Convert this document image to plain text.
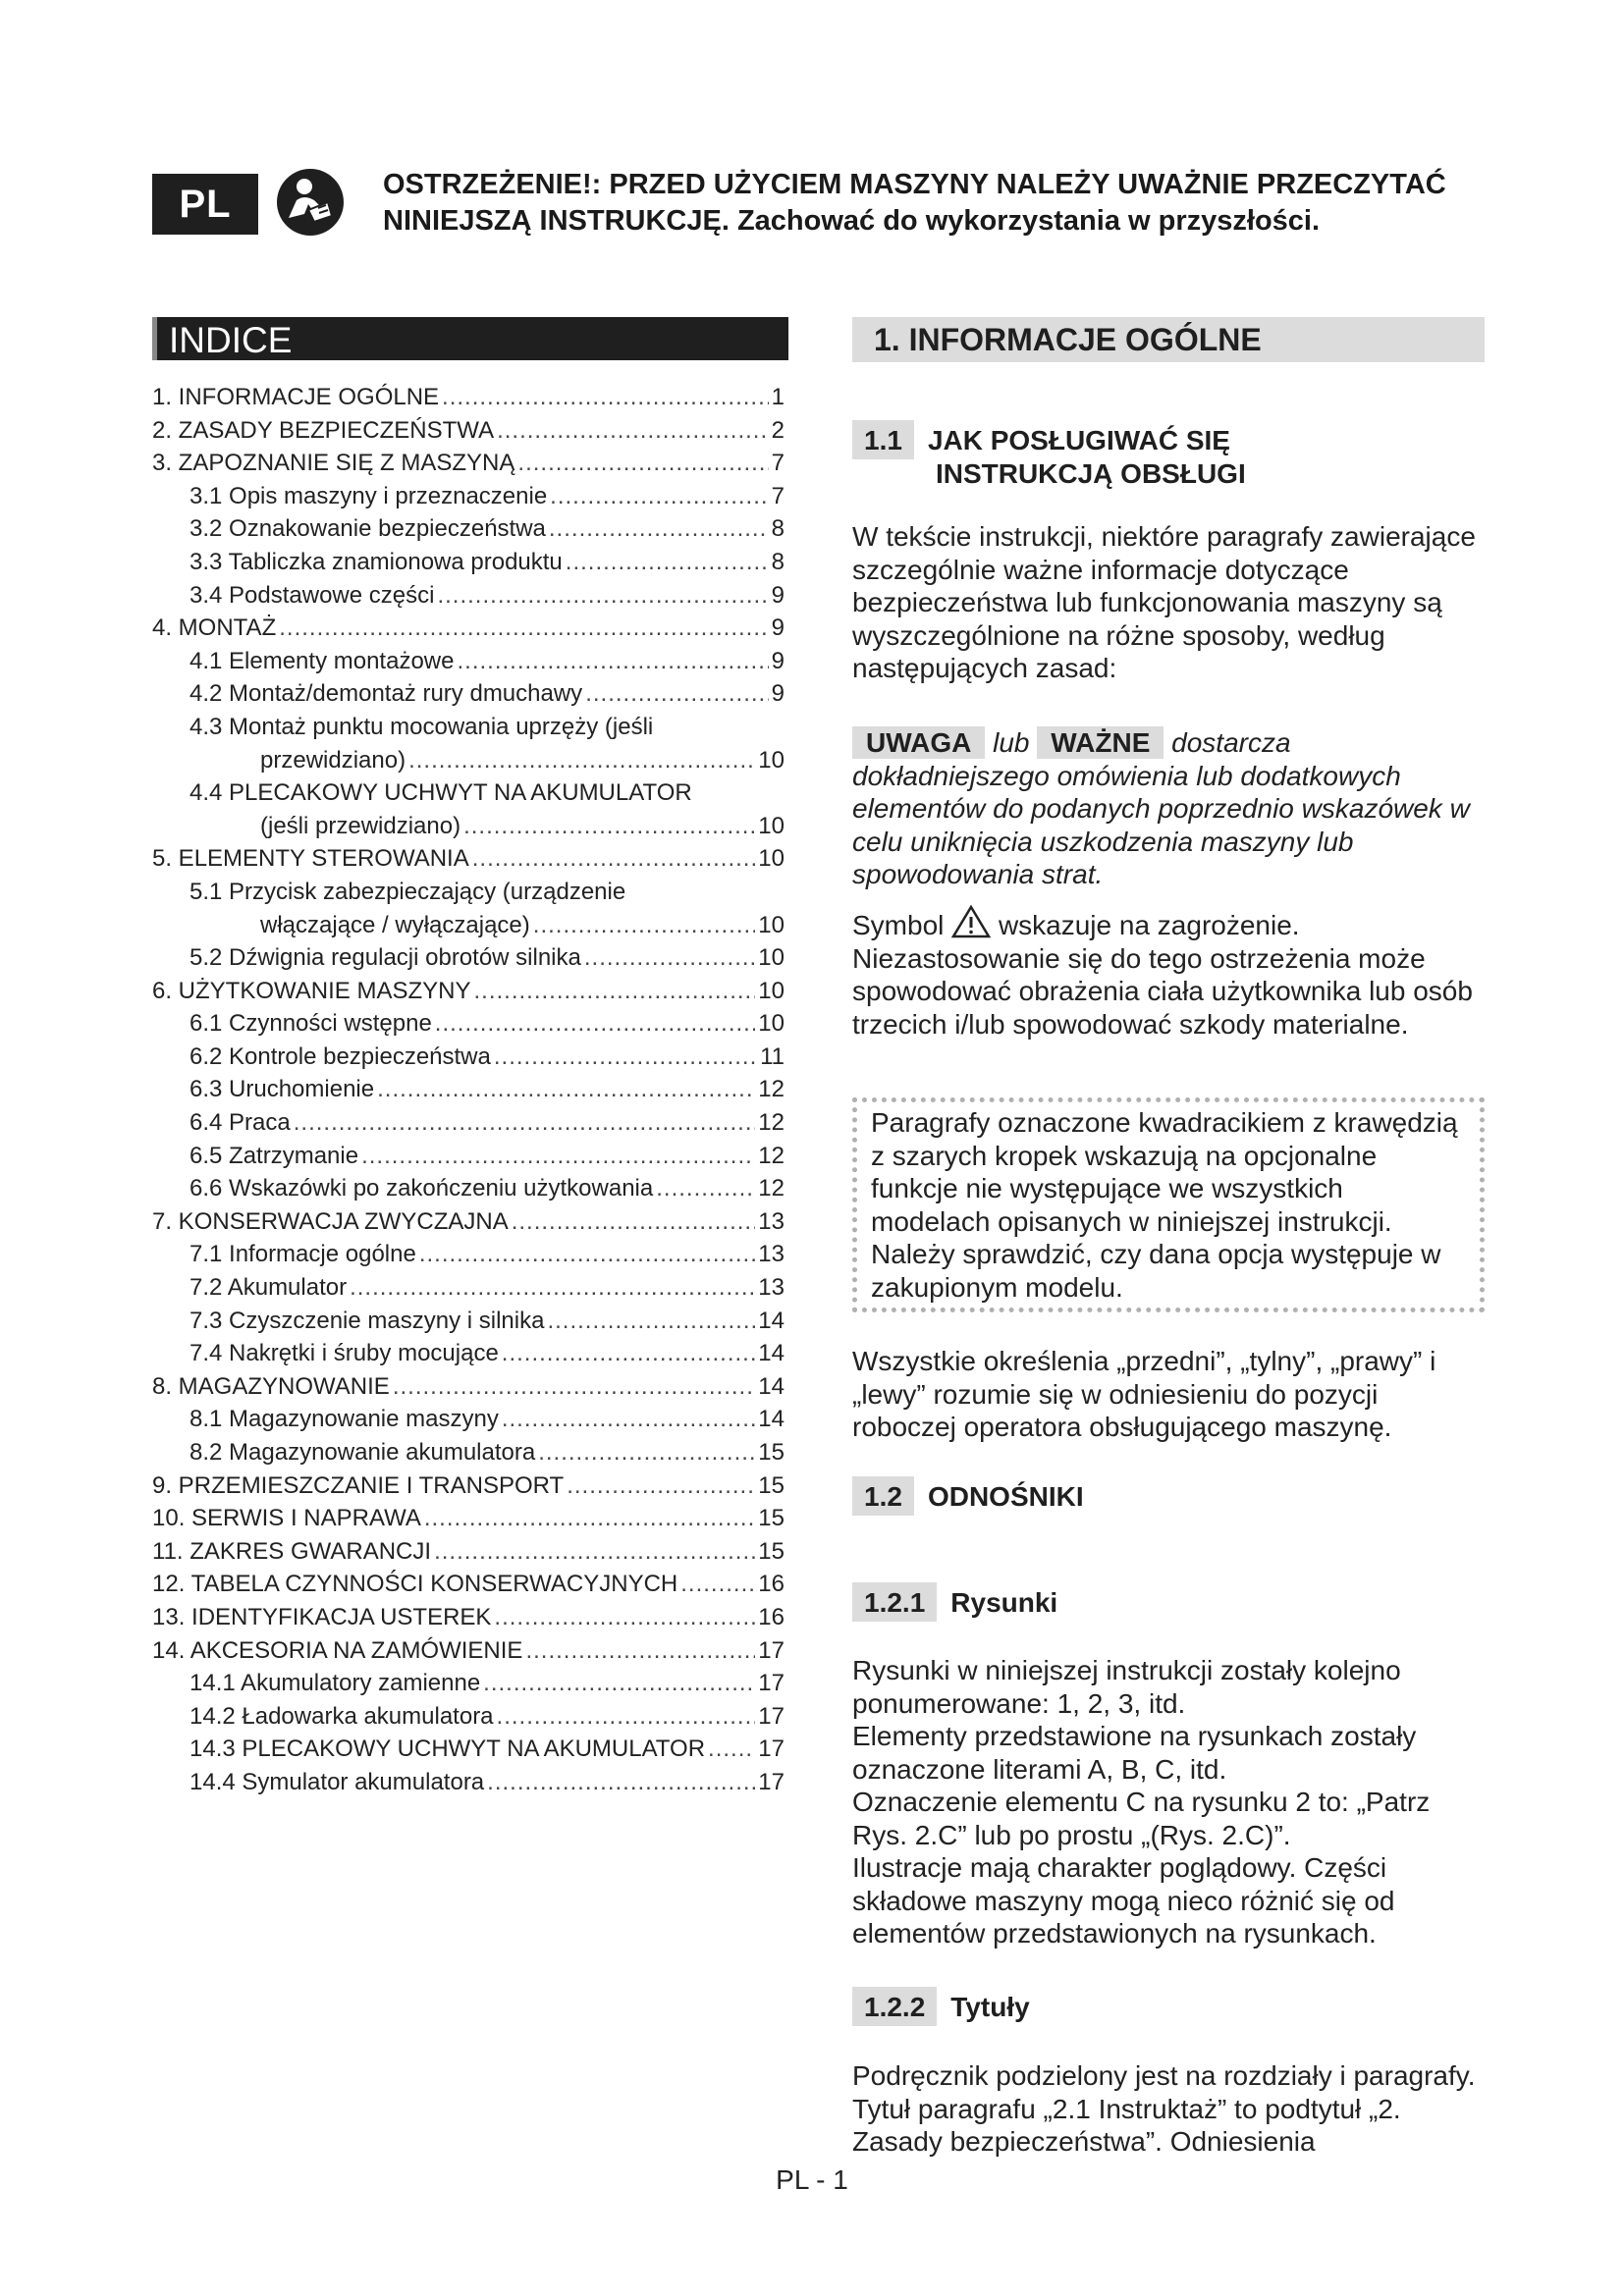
PL	OSTRZEŻENIE!: PRZED UŻYCIEM MASZYNY NALEŻY UWAŻNIE PRZECZYTAĆ
NINIEJSZĄ INSTRUKCJĘ. Zachować do wykorzystania w przyszłości.
INDICE
1. INFORMACJE OGÓLNE .....	1
2. ZASADY BEZPIECZEŃSTWA .....	2
3. ZAPOZNANIE SIĘ Z MASZYNĄ .....	7
3.1 Opis maszyny i przeznaczenie .....	7
3.2 Oznakowanie bezpieczeństwa .....	8
3.3 Tabliczka znamionowa produktu .....	8
3.4 Podstawowe części .....	9
4. MONTAŻ .....	9
4.1 Elementy montażowe .....	9
4.2 Montaż/demontaż rury dmuchawy .....	9
4.3 Montaż punktu mocowania uprzęży (jeśli
przewidziano) .....	10
4.4 PLECAKOWY UCHWYT NA AKUMULATOR
(jeśli przewidziano) .....	10
5. ELEMENTY STEROWANIA .....	10
5.1 Przycisk zabezpieczający (urządzenie
włączające / wyłączające) .....	10
5.2 Dźwignia regulacji obrotów silnika .....	10
6. UŻYTKOWANIE MASZYNY .....	10
6.1 Czynności wstępne .....	10
6.2 Kontrole bezpieczeństwa .....	11
6.3 Uruchomienie .....	12
6.4 Praca .....	12
6.5 Zatrzymanie .....	12
6.6 Wskazówki po zakończeniu użytkowania .....	12
7. KONSERWACJA ZWYCZAJNA .....	13
7.1 Informacje ogólne .....	13
7.2 Akumulator .....	13
7.3 Czyszczenie maszyny i silnika .....	14
7.4 Nakrętki i śruby mocujące .....	14
8. MAGAZYNOWANIE .....	14
8.1 Magazynowanie maszyny .....	14
8.2 Magazynowanie akumulatora .....	15
9. PRZEMIESZCZANIE I TRANSPORT .....	15
10. SERWIS I NAPRAWA .....	15
11. ZAKRES GWARANCJI .....	15
12. TABELA CZYNNOŚCI KONSERWACYJNYCH .....	16
13. IDENTYFIKACJA USTEREK .....	16
14. AKCESORIA NA ZAMÓWIENIE .....	17
14.1 Akumulatory zamienne .....	17
14.2 Ładowarka akumulatora .....	17
14.3 PLECAKOWY UCHWYT NA AKUMULATOR ..... 17
14.4 Symulator akumulatora .....	17
1. INFORMACJE OGÓLNE
1.1 JAK POSŁUGIWAĆ SIĘ
INSTRUKCJĄ OBSŁUGI
W tekście instrukcji, niektóre paragrafy zawierające szczególnie ważne informacje dotyczące bezpieczeństwa lub funkcjonowania maszyny są wyszczególnione na różne sposoby, według następujących zasad:
UWAGA lub WAŻNE dostarcza dokładniejszego omówienia lub dodatkowych elementów do podanych poprzednio wskazówek w celu uniknięcia uszkodzenia maszyny lub spowodowania strat.
Symbol wskazuje na zagrożenie. Niezastosowanie się do tego ostrzeżenia może spowodować obrażenia ciała użytkownika lub osób trzecich i/lub spowodować szkody materialne.
Paragrafy oznaczone kwadracikiem z krawędzią z szarych kropek wskazują na opcjonalne funkcje nie występujące we wszystkich modelach opisanych w niniejszej instrukcji. Należy sprawdzić, czy dana opcja występuje w zakupionym modelu.
Wszystkie określenia „przedni”, „tylny”, „prawy” i „lewy” rozumie się w odniesieniu do pozycji roboczej operatora obsługującego maszynę.
1.2 ODNOŚNIKI
1.2.1 Rysunki
Rysunki w niniejszej instrukcji zostały kolejno ponumerowane: 1, 2, 3, itd.
Elementy przedstawione na rysunkach zostały oznaczone literami A, B, C, itd.
Oznaczenie elementu C na rysunku 2 to: „Patrz Rys. 2.C” lub po prostu „(Rys. 2.C)”.
Ilustracje mają charakter poglądowy. Części składowe maszyny mogą nieco różnić się od elementów przedstawionych na rysunkach.
1.2.2 Tytuły
Podręcznik podzielony jest na rozdziały i paragrafy. Tytuł paragrafu „2.1 Instruktaż” to podtytuł „2. Zasady bezpieczeństwa”. Odniesienia
PL - 1
